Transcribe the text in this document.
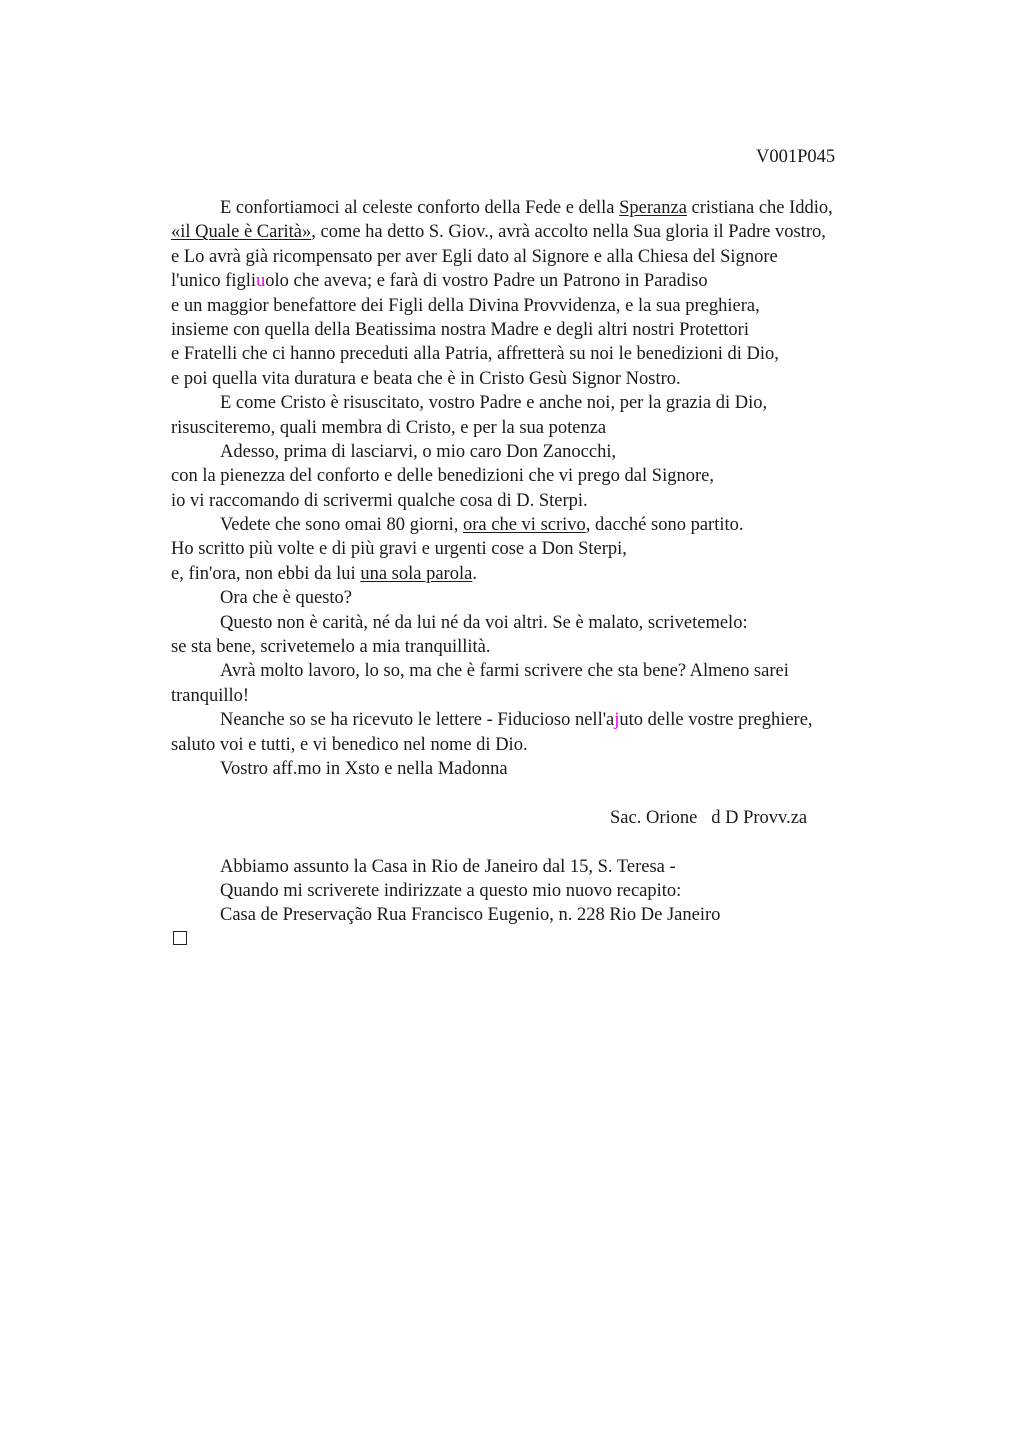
V001P045
E confortiamoci al celeste conforto della Fede e della Speranza cristiana che Iddio,
«il Quale è Carità», come ha detto S. Giov., avrà accolto nella Sua gloria il Padre vostro,
e Lo avrà già ricompensato per aver Egli dato al Signore e alla Chiesa del Signore
l'unico figliuolo che aveva; e farà di vostro Padre un Patrono in Paradiso
e un maggior benefattore dei Figli della Divina Provvidenza, e la sua preghiera,
insieme con quella della Beatissima nostra Madre e degli altri nostri Protettori
e Fratelli che ci hanno preceduti alla Patria, affretterà su noi le benedizioni di Dio,
e poi quella vita duratura e beata che è in Cristo Gesù Signor Nostro.
E come Cristo è risuscitato, vostro Padre e anche noi, per la grazia di Dio,
risusciteremo, quali membra di Cristo, e per la sua potenza
Adesso, prima di lasciarvi, o mio caro Don Zanocchi,
con la pienezza del conforto e delle benedizioni che vi prego dal Signore,
io vi raccomando di scrivermi qualche cosa di D. Sterpi.
Vedete che sono omai 80 giorni, ora che vi scrivo, dacché sono partito.
Ho scritto più volte e di più gravi e urgenti cose a Don Sterpi,
e, fin'ora, non ebbi da lui una sola parola.
Ora che è questo?
Questo non è carità, né da lui né da voi altri. Se è malato, scrivetemelo:
se sta bene, scrivetemelo a mia tranquillità.
Avrà molto lavoro, lo so, ma che è farmi scrivere che sta bene? Almeno sarei
tranquillo!
Neanche so se ha ricevuto le lettere - Fiducioso nell'ajuto delle vostre preghiere,
saluto voi e tutti, e vi benedico nel nome di Dio.
Vostro aff.mo in Xsto e nella Madonna
Sac. Orione   d D Provv.za
Abbiamo assunto la Casa in Rio de Janeiro dal 15, S. Teresa -
Quando mi scriverete indirizzate a questo mio nuovo recapito:
Casa de Preservação Rua Francisco Eugenio, n. 228 Rio De Janeiro
